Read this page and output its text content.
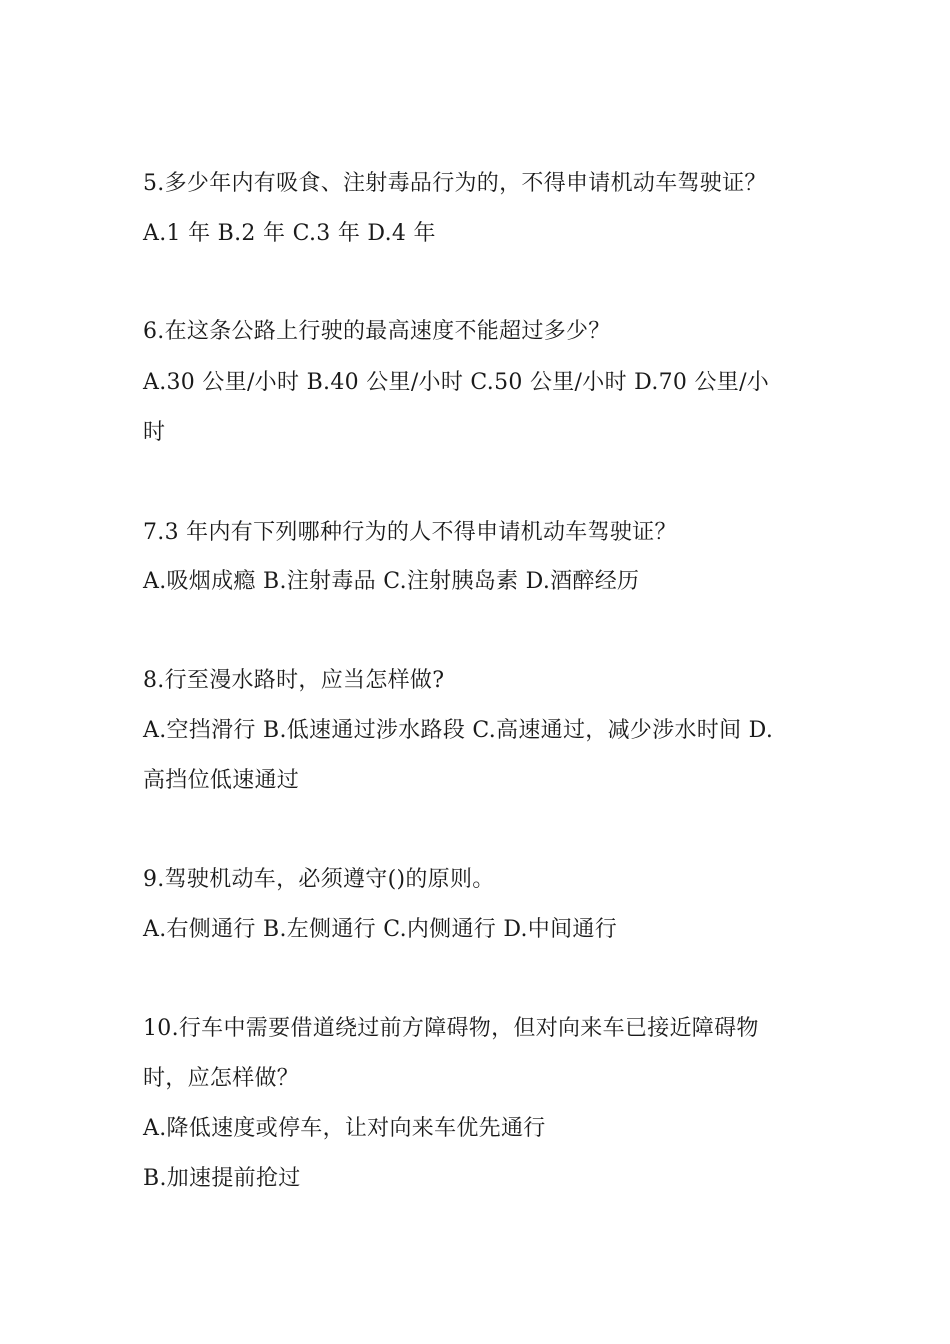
5.多少年内有吸食、注射毒品行为的，不得申请机动车驾驶证？
A.1 年 B.2 年 C.3 年 D.4 年
6.在这条公路上行驶的最高速度不能超过多少？
A.30 公里/小时 B.40 公里/小时 C.50 公里/小时 D.70 公里/小
时
7.3 年内有下列哪种行为的人不得申请机动车驾驶证？
A.吸烟成瘾 B.注射毒品 C.注射胰岛素 D.酒醉经历
8.行至漫水路时，应当怎样做?
A.空挡滑行 B.低速通过涉水路段 C.高速通过，减少涉水时间 D.
高挡位低速通过
9.驾驶机动车，必须遵守()的原则。
A.右侧通行 B.左侧通行 C.内侧通行 D.中间通行
10.行车中需要借道绕过前方障碍物，但对向来车已接近障碍物
时，应怎样做？
A.降低速度或停车，让对向来车优先通行
B.加速提前抢过
